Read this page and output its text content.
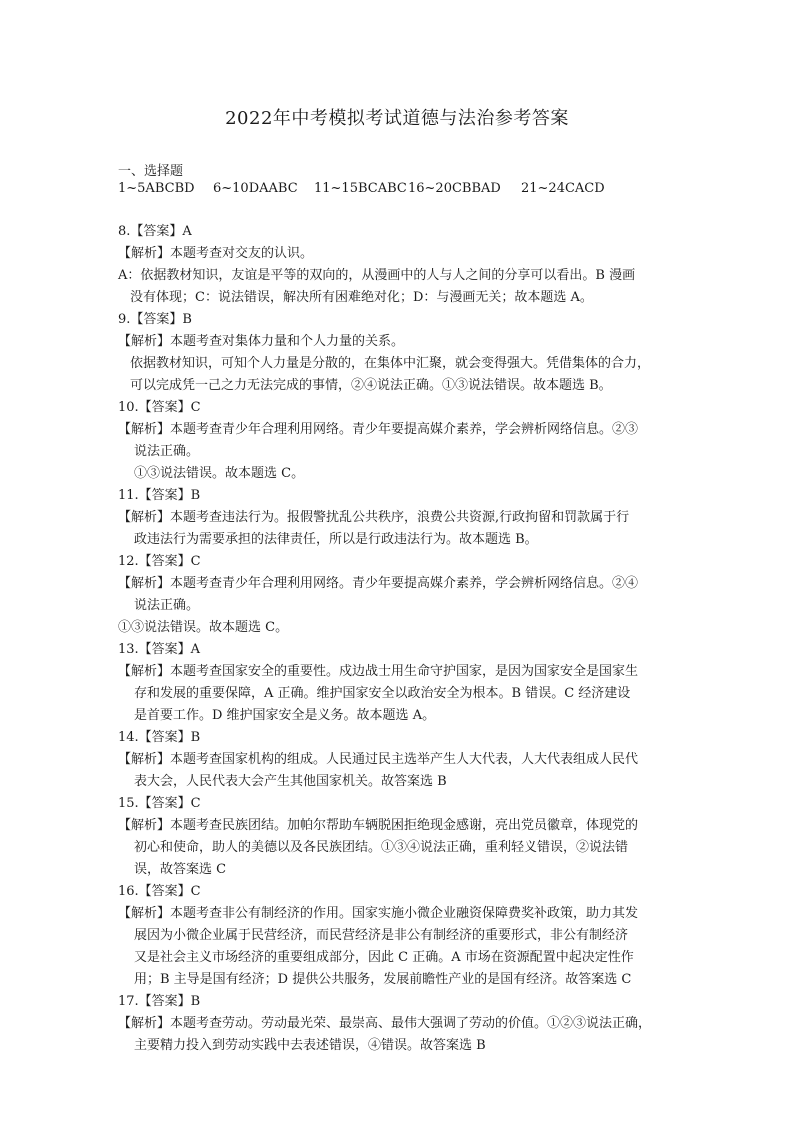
2022年中考模拟考试道德与法治参考答案
一、选择题
1~5ABCBD 6~10DAABC 11~15BCABC 16~20CBBAD 21~24CACD
8.【答案】A
【解析】本题考查对交友的认识。
A：依据教材知识，友谊是平等的双向的，从漫画中的人与人之间的分享可以看出。B 漫画
没有体现；C：说法错误，解决所有困难绝对化；D：与漫画无关；故本题选 A。
9.【答案】B
【解析】本题考查对集体力量和个人力量的关系。
依据教材知识，可知个人力量是分散的，在集体中汇聚，就会变得强大。凭借集体的合力，
可以完成凭一己之力无法完成的事情，②④说法正确。①③说法错误。故本题选 B。
10.【答案】C
【解析】本题考查青少年合理利用网络。青少年要提高媒介素养，学会辨析网络信息。②③
说法正确。
①③说法错误。故本题选 C。
11.【答案】B
【解析】本题考查违法行为。报假警扰乱公共秩序，浪费公共资源,行政拘留和罚款属于行
政违法行为需要承担的法律责任，所以是行政违法行为。故本题选 B。
12.【答案】C
【解析】本题考查青少年合理利用网络。青少年要提高媒介素养，学会辨析网络信息。②④
说法正确。
①③说法错误。故本题选 C。
13.【答案】A
【解析】本题考查国家安全的重要性。戍边战士用生命守护国家，是因为国家安全是国家生
存和发展的重要保障，A 正确。维护国家安全以政治安全为根本。B 错误。C 经济建设
是首要工作。D 维护国家安全是义务。故本题选 A。
14.【答案】B
【解析】本题考查国家机构的组成。人民通过民主选举产生人大代表，人大代表组成人民代
表大会，人民代表大会产生其他国家机关。故答案选 B
15.【答案】C
【解析】本题考查民族团结。加帕尔帮助车辆脱困拒绝现金感谢，亮出党员徽章，体现党的
初心和使命，助人的美德以及各民族团结。①③④说法正确，重利轻义错误，②说法错
误，故答案选 C
16.【答案】C
【解析】本题考查非公有制经济的作用。国家实施小微企业融资保障费奖补政策，助力其发
展因为小微企业属于民营经济，而民营经济是非公有制经济的重要形式，非公有制经济
又是社会主义市场经济的重要组成部分，因此 C 正确。A 市场在资源配置中起决定性作
用；B 主导是国有经济；D 提供公共服务，发展前瞻性产业的是国有经济。故答案选 C
17.【答案】B
【解析】本题考查劳动。劳动最光荣、最崇高、最伟大强调了劳动的价值。①②③说法正确，
主要精力投入到劳动实践中去表述错误，④错误。故答案选 B
